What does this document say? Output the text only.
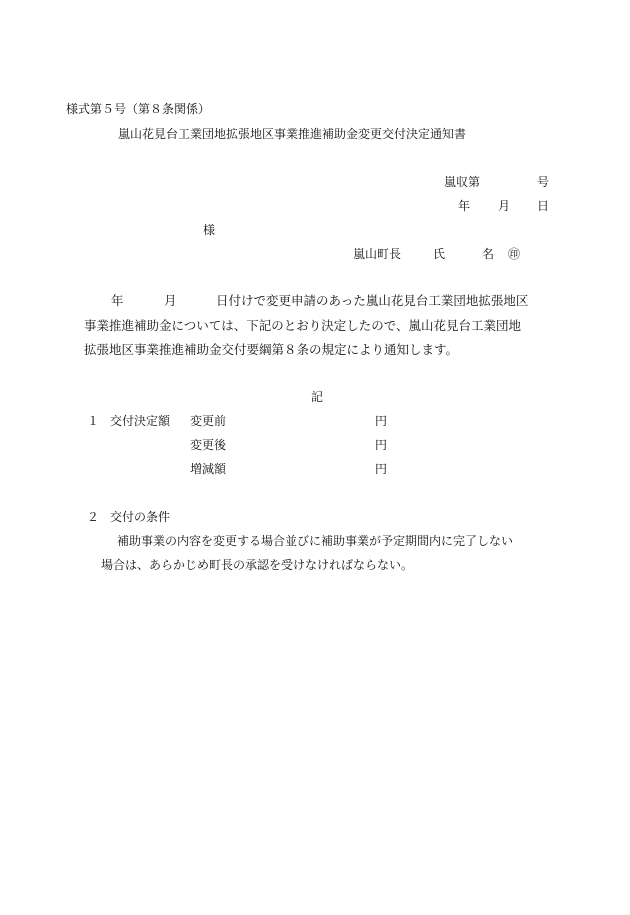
様式第５号（第８条関係）
嵐山花見台工業団地拡張地区事業推進補助金変更交付決定通知書
嵐収第	号
年 月 日
様
嵐山町長	氏	名 ㊞
年	月	日付けで変更申請のあった嵐山花見台工業団地拡張地区
事業推進補助金については、下記のとおり決定したので、嵐山花見台工業団地
拡張地区事業推進補助金交付要綱第８条の規定により通知します。
記
１ 交付決定額 変更前	円
変更後	円
増減額	円
２ 交付の条件
補助事業の内容を変更する場合並びに補助事業が予定期間内に完了しない
場合は、あらかじめ町長の承認を受けなければならない。
